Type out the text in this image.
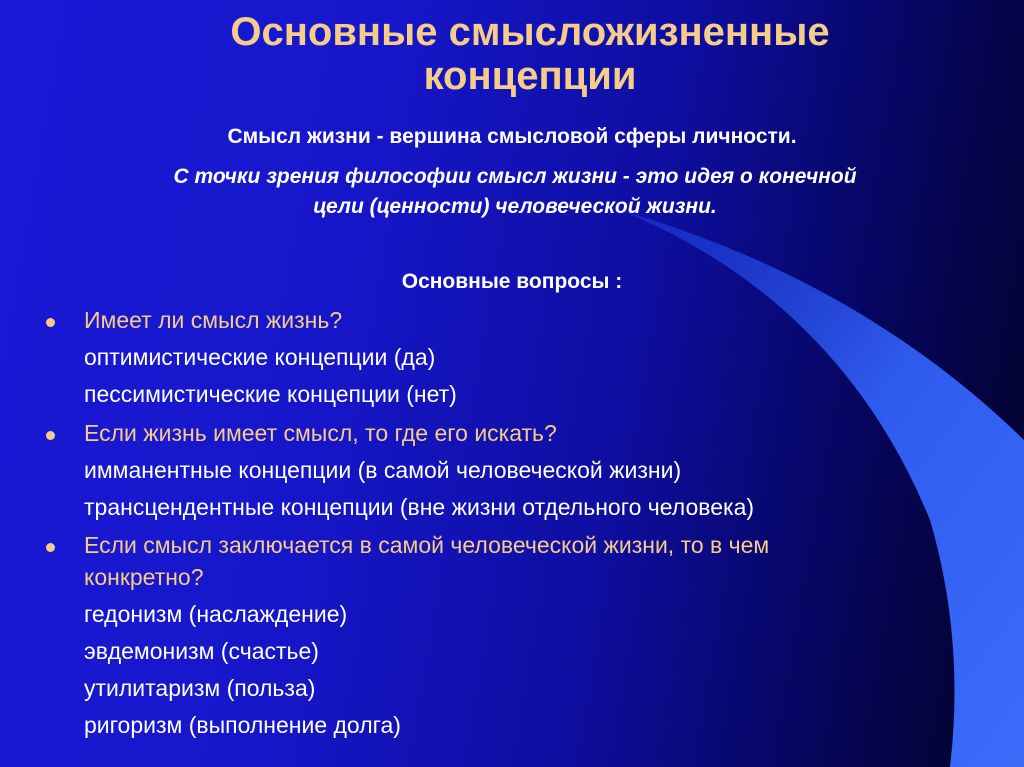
Основные смысложизненные
концепции
Смысл жизни - вершина смысловой сферы личности.
С точки зрения философии смысл жизни - это идея о конечной
цели (ценности) человеческой жизни.
Основные вопросы :
Имеет ли смысл жизнь?
оптимистические концепции (да)
пессимистические концепции (нет)
Если жизнь имеет смысл, то где его искать?
имманентные концепции (в самой человеческой жизни)
трансцендентные концепции (вне жизни отдельного человека)
Если смысл заключается в самой человеческой жизни, то в чем
конкретно?
гедонизм (наслаждение)
эвдемонизм (счастье)
утилитаризм (польза)
ригоризм (выполнение долга)
